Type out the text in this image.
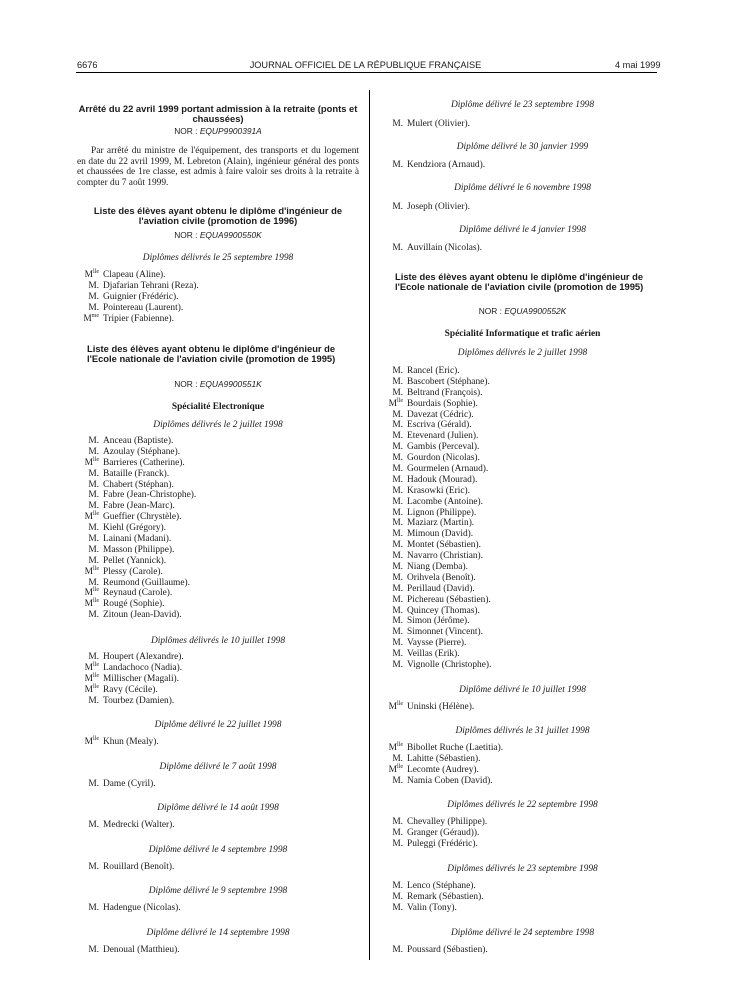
6676	JOURNAL OFFICIEL DE LA RÉPUBLIQUE FRANÇAISE	4 mai 1999
Arrêté du 22 avril 1999 portant admission à la retraite (ponts et chaussées)
NOR : EQUP9900391A
Par arrêté du ministre de l'équipement, des transports et du logement en date du 22 avril 1999, M. Lebreton (Alain), ingénieur général des ponts et chaussées de 1re classe, est admis à faire valoir ses droits à la retraite à compter du 7 août 1999.
Liste des élèves ayant obtenu le diplôme d'ingénieur de l'aviation civile (promotion de 1996)
NOR : EQUA9900550K
Diplômes délivrés le 25 septembre 1998
$M^{lle}$ Clapeau (Aline).
M. Djafarian Tehrani (Reza).
M. Guignier (Frédéric).
M. Pointereau (Laurent).
$M^{me}$ Tripier (Fabienne).
Liste des élèves ayant obtenu le diplôme d'ingénieur de l'Ecole nationale de l'aviation civile (promotion de 1995)
NOR : EQUA9900551K
Spécialité Electronique
Diplômes délivrés le 2 juillet 1998
M. Anceau (Baptiste).
M. Azoulay (Stéphane).
$M^{lle}$ Barrieres (Catherine).
M. Bataille (Franck).
M. Chabert (Stéphan).
M. Fabre (Jean-Christophe).
M. Fabre (Jean-Marc).
$M^{lle}$ Gueffier (Chrystèle).
M. Kiehl (Grégory).
M. Lainani (Madani).
M. Masson (Philippe).
M. Pellet (Yannick).
$M^{lle}$ Plessy (Carole).
M. Reumond (Guillaume).
$M^{lle}$ Reynaud (Carole).
$M^{lle}$ Rougé (Sophie).
M. Zitoun (Jean-David).
Diplômes délivrés le 10 juillet 1998
M. Houpert (Alexandre).
$M^{lle}$ Landachoco (Nadia).
$M^{lle}$ Millischer (Magali).
$M^{lle}$ Ravy (Cécile).
M. Tourbez (Damien).
Diplôme délivré le 22 juillet 1998
$M^{lle}$ Khun (Mealy).
Diplôme délivré le 7 août 1998
M. Dame (Cyril).
Diplôme délivré le 14 août 1998
M. Medrecki (Walter).
Diplôme délivré le 4 septembre 1998
M. Rouillard (Benoît).
Diplôme délivré le 9 septembre 1998
M. Hadengue (Nicolas).
Diplôme délivré le 14 septembre 1998
M. Denoual (Matthieu).
Diplôme délivré le 23 septembre 1998
M. Mulert (Olivier).
Diplôme délivré le 30 janvier 1999
M. Kendziora (Arnaud).
Diplôme délivré le 6 novembre 1998
M. Joseph (Olivier).
Diplôme délivré le 4 janvier 1998
M. Auvillain (Nicolas).
Liste des élèves ayant obtenu le diplôme d'ingénieur de l'Ecole nationale de l'aviation civile (promotion de 1995)
NOR : EQUA9900552K
Spécialité Informatique et trafic aérien
Diplômes délivrés le 2 juillet 1998
M. Rancel (Eric).
M. Bascobert (Stéphane).
M. Beltrand (François).
$M^{lle}$ Bourdais (Sophie).
M. Davezat (Cédric).
M. Escriva (Gérald).
M. Etevenard (Julien).
M. Gambis (Perceval).
M. Gourdon (Nicolas).
M. Gourmelen (Arnaud).
M. Hadouk (Mourad).
M. Krasowki (Eric).
M. Lacombe (Antoine).
M. Lignon (Philippe).
M. Maziarz (Martin).
M. Mimoun (David).
M. Montet (Sébastien).
M. Navarro (Christian).
M. Niang (Demba).
M. Orihvela (Benoît).
M. Perillaud (David).
M. Pichereau (Sébastien).
M. Quincey (Thomas).
M. Simon (Jérôme).
M. Simonnet (Vincent).
M. Vaysse (Pierre).
M. Veillas (Erik).
M. Vignolle (Christophe).
Diplôme délivré le 10 juillet 1998
$M^{lle}$ Uninski (Hélène).
Diplômes délivrés le 31 juillet 1998
$M^{lle}$ Bibollet Ruche (Laetitia).
M. Lahitte (Sébastien).
$M^{lle}$ Lecomte (Audrey).
M. Namia Coben (David).
Diplômes délivrés le 22 septembre 1998
M. Chevalley (Philippe).
M. Granger (Géraud)).
M. Puleggi (Frédéric).
Diplômes délivrés le 23 septembre 1998
M. Lenco (Stéphane).
M. Remark (Sébastien).
M. Valin (Tony).
Diplôme délivré le 24 septembre 1998
M. Poussard (Sébastien).
